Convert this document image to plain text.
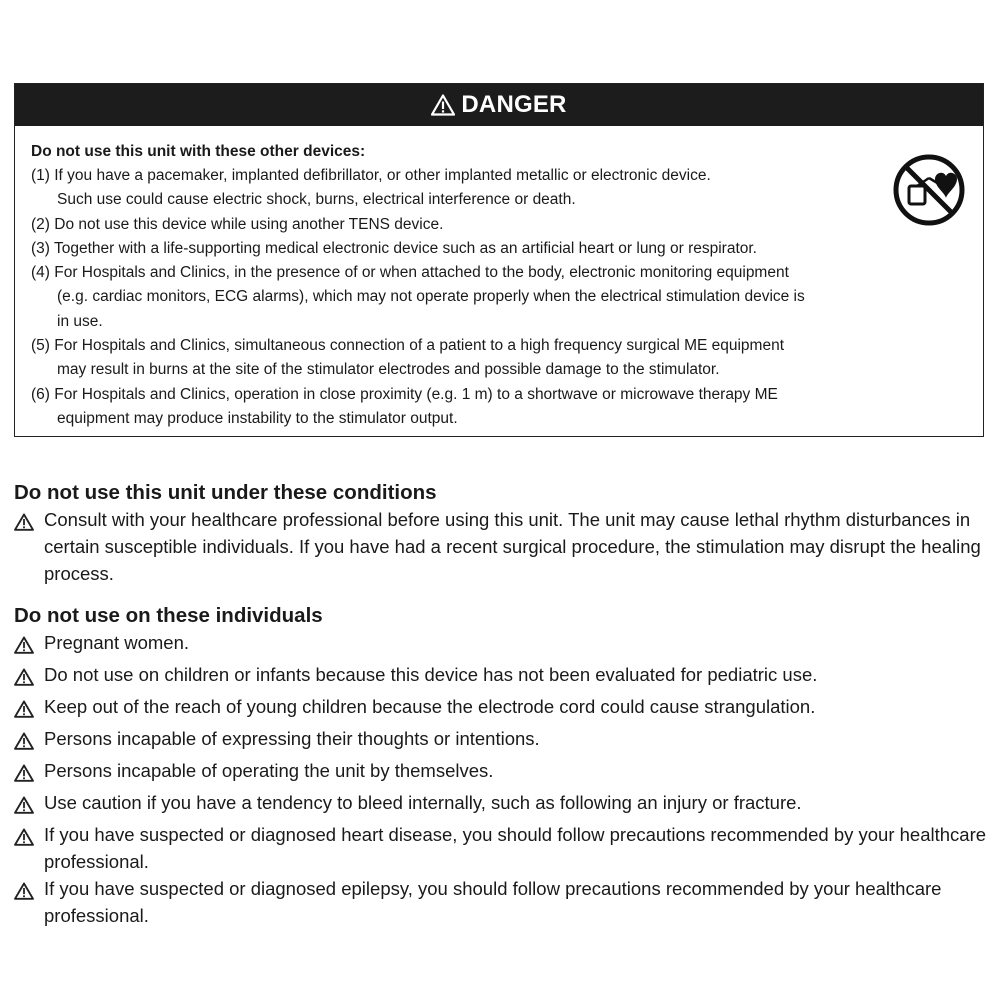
DANGER
Do not use this unit with these other devices:
(1) If you have a pacemaker, implanted defibrillator, or other implanted metallic or electronic device.
Such use could cause electric shock, burns, electrical interference or death.
(2) Do not use this device while using another TENS device.
(3) Together with a life-supporting medical electronic device such as an artificial heart or lung or respirator.
(4) For Hospitals and Clinics, in the presence of or when attached to the body, electronic monitoring equipment
(e.g. cardiac monitors, ECG alarms), which may not operate properly when the electrical stimulation device is
in use.
(5) For Hospitals and Clinics, simultaneous connection of a patient to a high frequency surgical ME equipment
may result in burns at the site of the stimulator electrodes and possible damage to the stimulator.
(6) For Hospitals and Clinics, operation in close proximity (e.g. 1 m) to a shortwave or microwave therapy ME
equipment may produce instability to the stimulator output.
Do not use this unit under these conditions
Consult with your healthcare professional before using this unit. The unit may cause lethal rhythm disturbances in certain susceptible individuals. If you have had a recent surgical procedure, the stimulation may disrupt the healing process.
Do not use on these individuals
Pregnant women.
Do not use on children or infants because this device has not been evaluated for pediatric use.
Keep out of the reach of young children because the electrode cord could cause strangulation.
Persons incapable of expressing their thoughts or intentions.
Persons incapable of operating the unit by themselves.
Use caution if you have a tendency to bleed internally, such as following an injury or fracture.
If you have suspected or diagnosed heart disease, you should follow precautions recommended by your healthcare professional.
If you have suspected or diagnosed epilepsy, you should follow precautions recommended by your healthcare professional.
